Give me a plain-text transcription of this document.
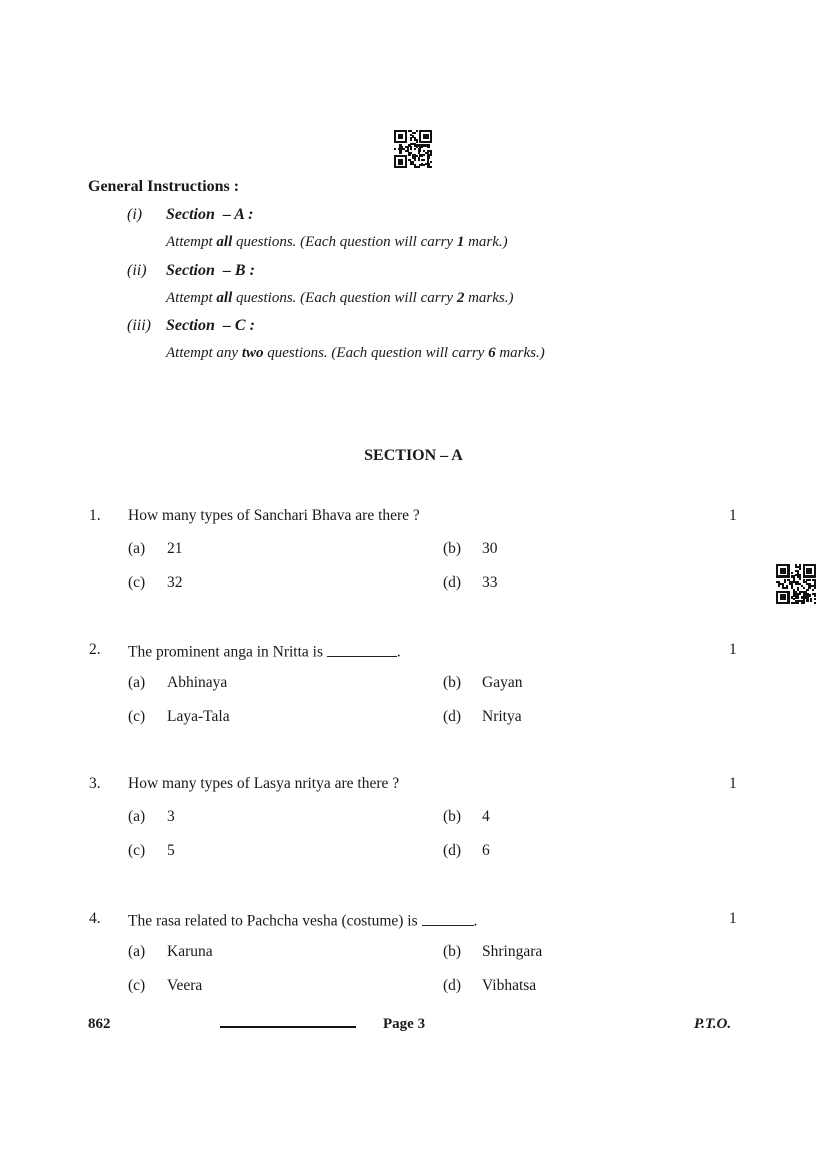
General Instructions :
(i) Section – A :
Attempt all questions. (Each question will carry 1 mark.)
(ii) Section – B :
Attempt all questions. (Each question will carry 2 marks.)
(iii) Section – C :
Attempt any two questions. (Each question will carry 6 marks.)
SECTION – A
1. How many types of Sanchari Bhava are there ?	1
(a) 21	(b) 30
(c) 32	(d) 33
2. The prominent anga in Nritta is	.	1
(a) Abhinaya	(b) Gayan
(c) Laya-Tala	(d) Nritya
3. How many types of Lasya nritya are there ?	1
(a) 3	(b) 4
(c) 5	(d) 6
4. The rasa related to Pachcha vesha (costume) is	.	1
(a) Karuna	(b) Shringara
(c) Veera	(d) Vibhatsa
862	Page 3	P.T.O.
